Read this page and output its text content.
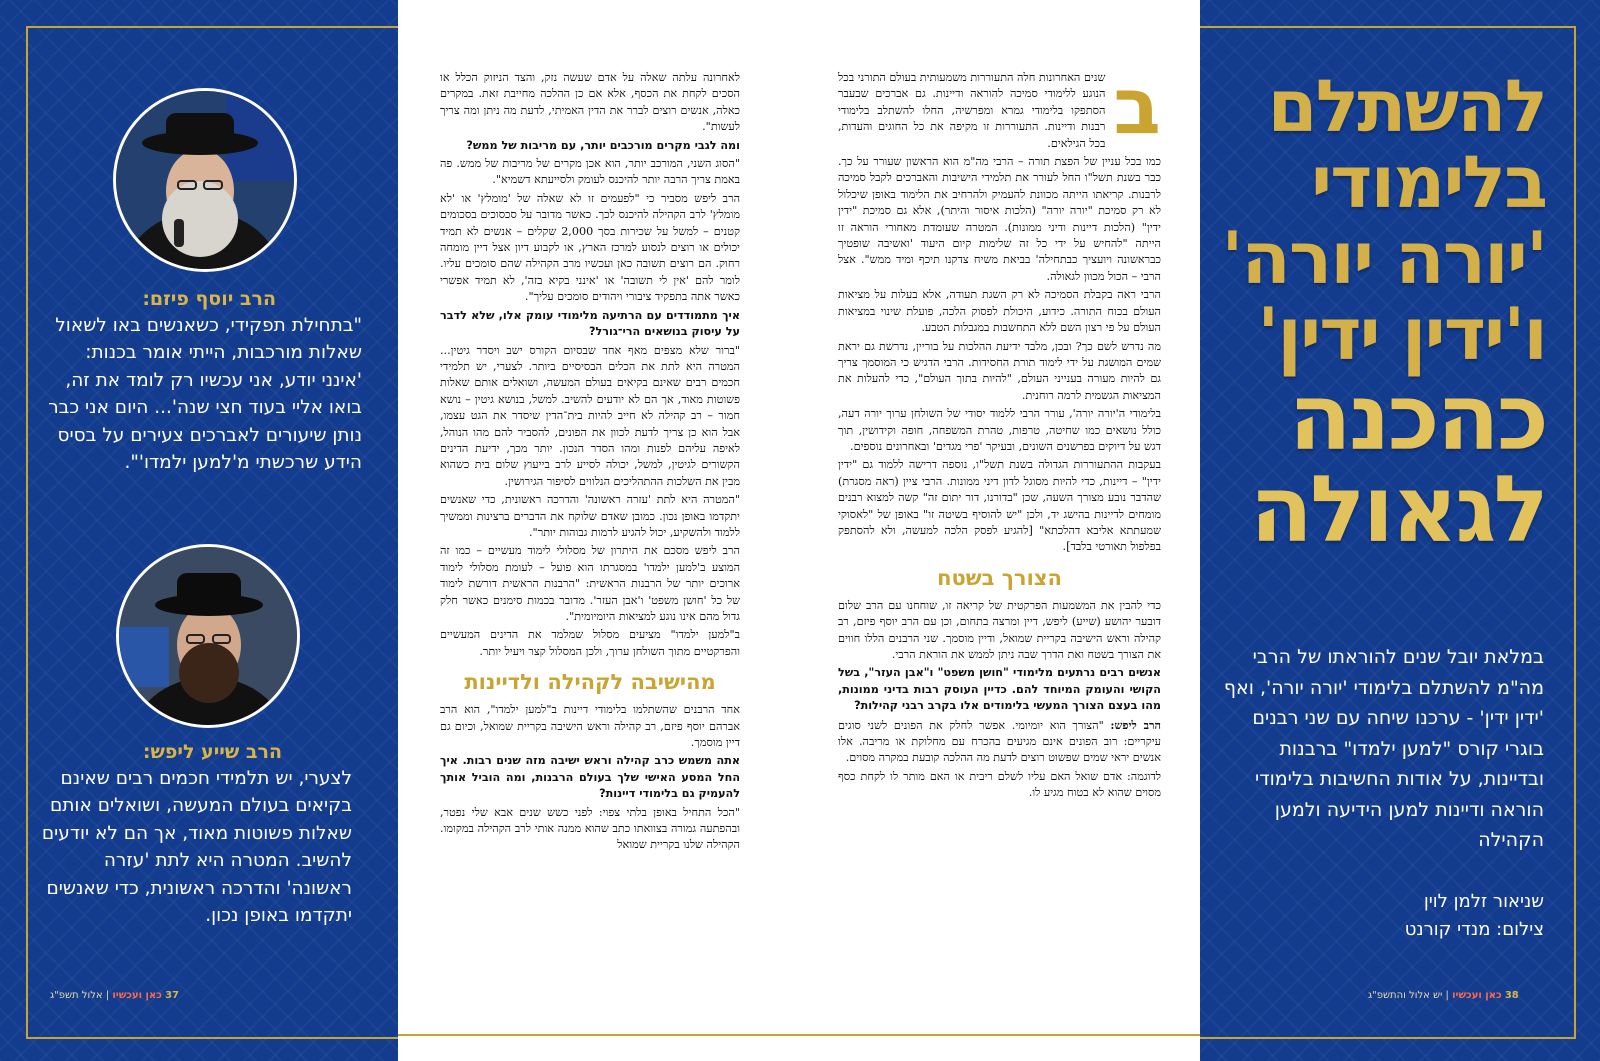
הרב יוסף פיזם:
"בתחילת תפקידי, כשאנשים באו לשאול שאלות מורכבות, הייתי אומר בכנות: 'אינני יודע, אני עכשיו רק לומד את זה, בואו אליי בעוד חצי שנה'... היום אני כבר נותן שיעורים לאברכים צעירים על בסיס הידע שרכשתי מ'למען ילמדו'".
הרב שייע ליפש:
לצערי, יש תלמידי חכמים רבים שאינם בקיאים בעולם המעשה, ושואלים אותם שאלות פשוטות מאוד, אך הם לא יודעים להשיב. המטרה היא לתת 'עזרה ראשונה' והדרכה ראשונית, כדי שאנשים יתקדמו באופן נכון.
37 כאן ועכשיו | אלול תשפ"ג
ב

שנים האחרונות חלה התעוררות משמעותית בעולם התורני בכל הנוגע ללימודי סמיכה להוראה ודיינות. גם אברכים שבעבר הסתפקו בלימודי גמרא ומפרשיה, החלו להשתלב בלימודי רבנות ודיינות. התעוררות זו מקיפה את כל החוגים והעדות, בכל הגילאים.

כמו בכל עניין של הפצת תורה – הרבי מה"מ הוא הראשון שעורר על כך. כבר בשנת תשל"ו החל לעורר את תלמידי הישיבות והאברכים לקבל סמיכה לרבנות. קריאתו הייתה מכוונת להעמיק ולהרחיב את הלימוד באופן שיכלול לא רק סמיכת "יורה יורה" (הלכות איסור והיתר), אלא גם סמיכת "ידין ידין" (הלכות דיינות ודיני ממונות). המטרה שעומדת מאחורי הוראה זו הייתה "להחיש על ידי כל זה שלימות קיום היעוד 'ואשיבה שופטיך כבראשונה ויועציך כבתחילה' בביאת משיח צדקנו תיכף ומיד ממש". אצל הרבי – הכול מכוון לגאולה.

הרבי ראה בקבלת הסמיכה לא רק השגת תעודה, אלא בעלות על מציאות העולם בכוח התורה. כידוע, היכולת לפסוק הלכה, פועלת שינוי במציאות העולם על פי רצון השם ללא התחשבות במגבלות הטבע.

מה נדרש לשם כך? ובכן, מלבד ידיעת ההלכות על בוריין, נדרשת גם יראת שמים המושגת על ידי לימוד תורת החסידות. הרבי הדגיש כי המוסמך צריך גם להיות מעורה בענייני העולם, "להיות בתוך העולם", כדי להעלות את המציאות הגשמית לרמה רוחנית.

בלימודי ה'יורה יורה', עורר הרבי ללמוד יסודי של השולחן ערוך יורה דעה, כולל נושאים כמו שחיטה, טרפות, טהרת המשפחה, חופה וקידושין, תוך דגש על דיוקים בפרשנים השונים, ובעיקר 'פרי מגדים' ובאחרונים נוספים.

בעקבות ההתעוררות הגדולה בשנת תשל"ו, נוספה דרישה ללמוד גם "ידין ידין" – דיינות, כדי להיות מסוגל לדון דיני ממונות. הרבי ציין (ראה מסגרת) שהדבר נובע מצורך השעה, שכן "בדורנו, דור יתום זה" קשה למצוא רבנים מומחים לדיינות בהישג יד, ולכן "יש להוסיף בשיטה זו" באופן של "לאסוקי שמעתתא אליבא דהלכתא" [להגיע לפסק הלכה למעשה, ולא להסתפק בפלפול תאורטי בלבד].

הצורך בשטח

כדי להבין את המשמעות הפרקטית של קריאה זו, שוחחנו עם הרב שלום דובער יהושע (שייע) ליפש, דיין ומרצה בתחום, וכן עם הרב יוסף פיזם, רב קהילה וראש הישיבה בקריית שמואל, ודיין מוסמך. שני הרבנים הללו חווים את הצורך בשטח ואת הדרך שבה ניתן לממש את הוראת הרבי.

אנשים רבים נרתעים מלימודי "חושן משפט" ו"אבן העזר", בשל הקושי והעומק המיוחד להם. כדיין העוסק רבות בדיני ממונות, מהו בעצם הצורך המעשי בלימודים אלו בקרב רבני קהילות?

הרב ליפש: "הצורך הוא יומיומי. אפשר לחלק את הפונים לשני סוגים עיקריים: רוב הפונים אינם מגיעים בהכרח עם מחלוקת או מריבה. אלו אנשים יראי שמים שפשוט רוצים לדעת מה ההלכה קובעת במקרה מסוים.

לדוגמה: אדם שואל האם עליו לשלם ריבית או האם מותר לו לקחת כסף מסוים שהוא לא בטוח מגיע לו.

לאחרונה עלתה שאלה על אדם שעשה נזק, והצד הניזוק הכלל או הסכים לקחת את הכסף, אלא אם כן ההלכה מחייבת זאת. במקרים כאלה, אנשים רוצים לברר את הדין האמיתי, לדעת מה ניתן ומה צריך לעשות".

ומה לגבי מקרים מורכבים יותר, עם מריבות של ממש?

"הסוג השני, המורכב יותר, הוא אכן מקרים של מריבות של ממש. פה באמת צריך הרבה יותר להיכנס לעומק ולסייעתא דשמיא".

הרב ליפש מסביר כי "לפעמים זו לא שאלה של 'מומלץ' או 'לא מומלץ' לרב הקהילה להיכנס לכך. כאשר מדובר על סכסוכים בסכומים קטנים – למשל על שכירות בסך 2,000 שקלים – אנשים לא תמיד יכולים או רוצים לנסוע למרכז הארץ, או לקבוע דיון אצל דיין מומחה רחוק. הם רוצים תשובה כאן ועכשיו מרב הקהילה שהם סומכים עליו. לומר להם 'אין לי תשובה' או 'אינני בקיא בזה', לא תמיד אפשרי כאשר אתה בתפקיד ציבורי ויהודים סומכים עליך".

איך מתמודדים עם הרתיעה מלימודי עומק אלו, שלא לדבר על עיסוק בנושאים הרי־גורל?

"ברור שלא מצפים מאף אחד שבסיום הקורס ישב ויסדר גיטין... המטרה היא לתת את הכלים הבסיסיים ביותר. לצערי, יש תלמידי חכמים רבים שאינם בקיאים בעולם המעשה, ושואלים אותם שאלות פשוטות מאוד, אך הם לא יודעים להשיב. למשל, בנושא גיטין – נושא חמור – רב קהילה לא חייב להיות בית־הדין שיסדר את הגט עצמו, אבל הוא כן צריך לדעת לכוון את הפונים, להסביר להם מהו הנוהל, לאיפה עליהם לפנות ומהו הסדר הנכון. יותר מכך, ידיעת הדינים הקשורים לגיטין, למשל, יכולה לסייע לרב בייעוץ שלום בית כשהוא מבין את השלכות ההתהליכים הנלווים לסיפור הגירושין.

"המטרה היא לתת 'עזרה ראשונה' והדרכה ראשונית, כדי שאנשים יתקדמו באופן נכון. כמובן שאדם שלוקח את הדברים ברצינות וממשיך ללמוד ולהשקיע, יכול להגיע לרמות גבוהות יותר".

הרב ליפש מסכם את היתרון של מסלולי לימוד מעשיים – כמו זה המוצע ב'למען ילמדו' במסגרתו הוא פועל – לעומת מסלולי לימוד ארוכים יותר של הרבנות הראשית: "הרבנות הראשית דורשת לימוד של כל 'חושן משפט' ו'אבן העזר'. מדובר בכמות סימנים כאשר חלק גדול מהם אינו נוגע למציאות היומיומית".

ב"למען ילמדו" מציעים מסלול שמלמד את הדינים המעשיים והפרקטיים מתוך השולחן ערוך, ולכן המסלול קצר ויעיל יותר.

מהישיבה לקהילה ולדיינות

אחד הרבנים שהשתלמו בלימודי דיינות ב"למען ילמדו", הוא הרב אברהם יוסף פיזם, רב קהילה וראש הישיבה בקריית שמואל, וכיום גם דיין מוסמך.

אתה משמש כרב קהילה וראש ישיבה מזה שנים רבות. איך החל המסע האישי שלך בעולם הרבנות, ומה הוביל אותך להעמיק גם בלימודי דיינות?

"הכל התחיל באופן בלתי צפוי: לפני כשש שנים אבא שלי נפטר, ובהפתעה גמורה בצוואתו כתב שהוא ממנה אותי לרב הקהילה במקומו. הקהילה שלנו בקריית שמואל

להשתלם
בלימודי
'יורה יורה'
ו'ידין ידין'
כהכנה
לגאולה
במלאת יובל שנים להוראתו של הרבי מה"מ להשתלם בלימודי 'יורה יורה', ואף 'ידין ידין' - ערכנו שיחה עם שני רבנים בוגרי קורס "למען ילמדו" ברבנות ובדיינות, על אודות החשיבות בלימודי הוראה ודיינות למען הידיעה ולמען הקהילה
שניאור זלמן לוין
צילום: מנדי קורנט
38 כאן ועכשיו | יש אלול והתשפ"ג
